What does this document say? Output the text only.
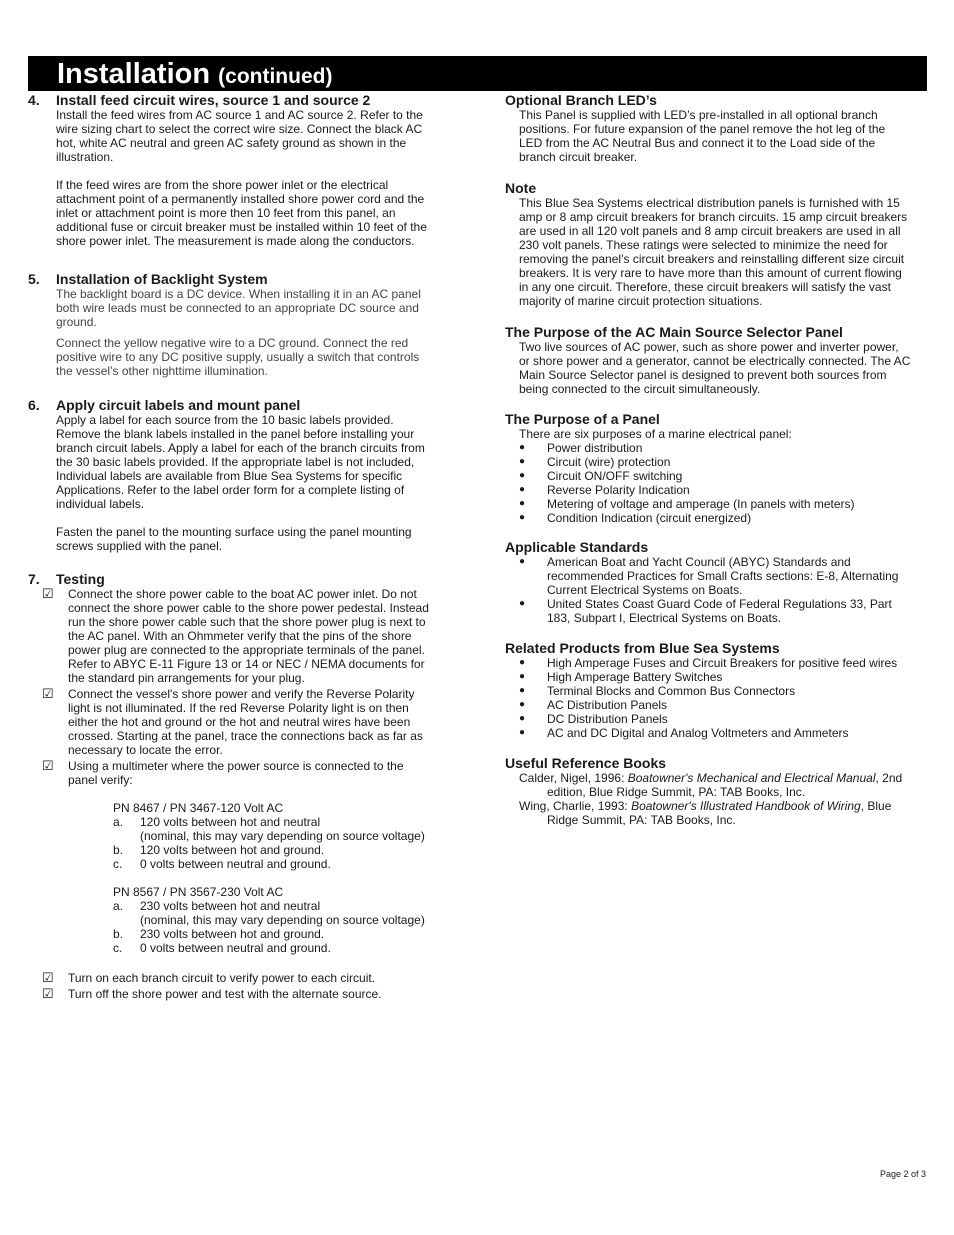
Installation (continued)
4.	Install feed circuit wires, source 1 and source 2
Install the feed wires from AC source 1 and AC source 2. Refer to the
wire sizing chart to select the correct wire size. Connect the black AC
hot, white AC neutral and green AC safety ground as shown in the
illustration.
If the feed wires are from the shore power inlet or the electrical
attachment point of a permanently installed shore power cord and the
inlet or attachment point is more then 10 feet from this panel, an
additional fuse or circuit breaker must be installed within 10 feet of the
shore power inlet. The measurement is made along the conductors.
5.	Installation of Backlight System
The backlight board is a DC device. When installing it in an AC panel
both wire leads must be connected to an appropriate DC source and
ground.
Connect the yellow negative wire to a DC ground. Connect the red
positive wire to any DC positive supply, usually a switch that controls
the vessel’s other nighttime illumination.
6.	Apply circuit labels and mount panel
Apply a label for each source from the 10 basic labels provided.
Remove the blank labels installed in the panel before installing your
branch circuit labels. Apply a label for each of the branch circuits from
the 30 basic labels provided. If the appropriate label is not included,
Individual labels are available from Blue Sea Systems for specific
Applications. Refer to the label order form for a complete listing of
individual labels.
Fasten the panel to the mounting surface using the panel mounting
screws supplied with the panel.
7.	Testing
☑	Connect the shore power cable to the boat AC power inlet. Do not
connect the shore power cable to the shore power pedestal. Instead
run the shore power cable such that the shore power plug is next to
the AC panel. With an Ohmmeter verify that the pins of the shore
power plug are connected to the appropriate terminals of the panel.
Refer to ABYC E-11 Figure 13 or 14 or NEC / NEMA documents for
the standard pin arrangements for your plug.
☑	Connect the vessel's shore power and verify the Reverse Polarity
light is not illuminated. If the red Reverse Polarity light is on then
either the hot and ground or the hot and neutral wires have been
crossed. Starting at the panel, trace the connections back as far as
necessary to locate the error.
☑	Using a multimeter where the power source is connected to the
panel verify:
PN 8467 / PN 3467-120 Volt AC
a.	120 volts between hot and neutral
(nominal, this may vary depending on source voltage)
b.	120 volts between hot and ground.
c.	0 volts between neutral and ground.
PN 8567 / PN 3567-230 Volt AC
a.	230 volts between hot and neutral
(nominal, this may vary depending on source voltage)
b.	230 volts between hot and ground.
c.	0 volts between neutral and ground.
☑	Turn on each branch circuit to verify power to each circuit.
☑	Turn off the shore power and test with the alternate source.
Optional Branch LED’s
This Panel is supplied with LED’s pre-installed in all optional branch
positions. For future expansion of the panel remove the hot leg of the
LED from the AC Neutral Bus and connect it to the Load side of the
branch circuit breaker.
Note
This Blue Sea Systems electrical distribution panels is furnished with 15
amp or 8 amp circuit breakers for branch circuits. 15 amp circuit breakers
are used in all 120 volt panels and 8 amp circuit breakers are used in all
230 volt panels. These ratings were selected to minimize the need for
removing the panel’s circuit breakers and reinstalling different size circuit
breakers. It is very rare to have more than this amount of current flowing
in any one circuit. Therefore, these circuit breakers will satisfy the vast
majority of marine circuit protection situations.
The Purpose of the AC Main Source Selector Panel
Two live sources of AC power, such as shore power and inverter power,
or shore power and a generator, cannot be electrically connected. The AC
Main Source Selector panel is designed to prevent both sources from
being connected to the circuit simultaneously.
The Purpose of a Panel
There are six purposes of a marine electrical panel:
●	Power distribution
●	Circuit (wire) protection
●	Circuit ON/OFF switching
●	Reverse Polarity Indication
●	Metering of voltage and amperage (In panels with meters)
●	Condition Indication (circuit energized)
Applicable Standards
●	American Boat and Yacht Council (ABYC) Standards and
recommended Practices for Small Crafts sections: E-8, Alternating
Current Electrical Systems on Boats.
●	United States Coast Guard Code of Federal Regulations 33, Part
183, Subpart I, Electrical Systems on Boats.
Related Products from Blue Sea Systems
●	High Amperage Fuses and Circuit Breakers for positive feed wires
●	High Amperage Battery Switches
●	Terminal Blocks and Common Bus Connectors
●	AC Distribution Panels
●	DC Distribution Panels
●	AC and DC Digital and Analog Voltmeters and Ammeters
Useful Reference Books
Calder, Nigel, 1996: Boatowner's Mechanical and Electrical Manual, 2nd
edition, Blue Ridge Summit, PA: TAB Books, Inc.
Wing, Charlie, 1993: Boatowner's Illustrated Handbook of Wiring, Blue
Ridge Summit, PA: TAB Books, Inc.
Page 2 of 3
